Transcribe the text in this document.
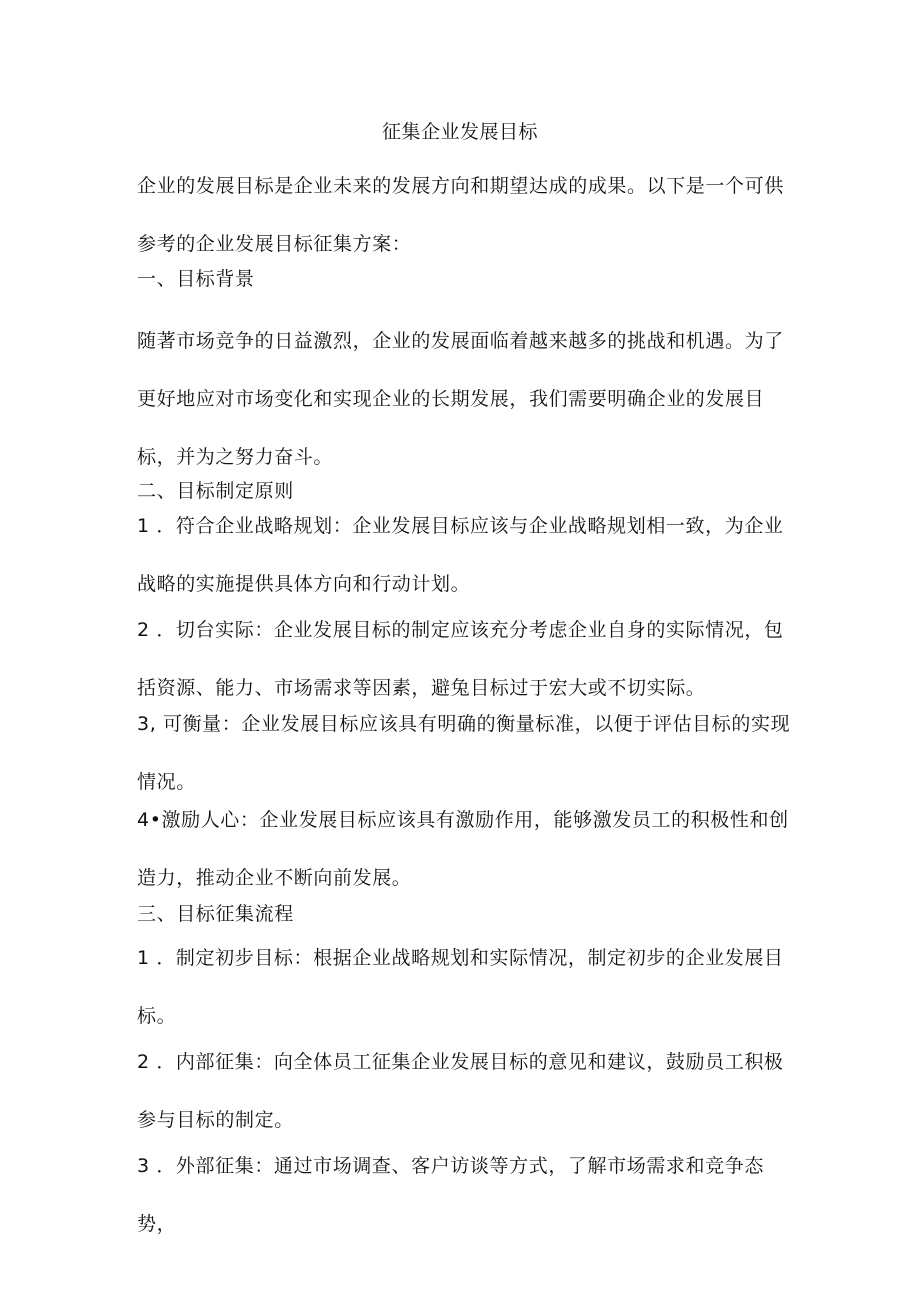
征集企业发展目标

企业的发展目标是企业未来的发展方向和期望达成的成果。以下是一个可供参考的企业发展目标征集方案：

一、目标背景

随著市场竞争的日益激烈，企业的发展面临着越来越多的挑战和机遇。为了更好地应对市场变化和实现企业的长期发展，我们需要明确企业的发展目标，并为之努力奋斗。

二、目标制定原则

1 ．符合企业战略规划：企业发展目标应该与企业战略规划相一致，为企业战略的实施提供具体方向和行动计划。

2 ．切台实际：企业发展目标的制定应该充分考虑企业自身的实际情况，包括资源、能力、市场需求等因素，避兔目标过于宏大或不切实际。

3, 可衡量：企业发展目标应该具有明确的衡量标准，以便于评估目标的实现情况。

4•激励人心：企业发展目标应该具有激励作用，能够激发员工的积极性和创造力，推动企业不断向前发展。

三、目标征集流程

1 ．制定初步目标：根据企业战略规划和实际情况，制定初步的企业发展目标。

2 ．内部征集：向全体员工征集企业发展目标的意见和建议，鼓励员工积极参与目标的制定。

3 ．外部征集：通过市场调查、客户访谈等方式，了解市场需求和竞争态势，
